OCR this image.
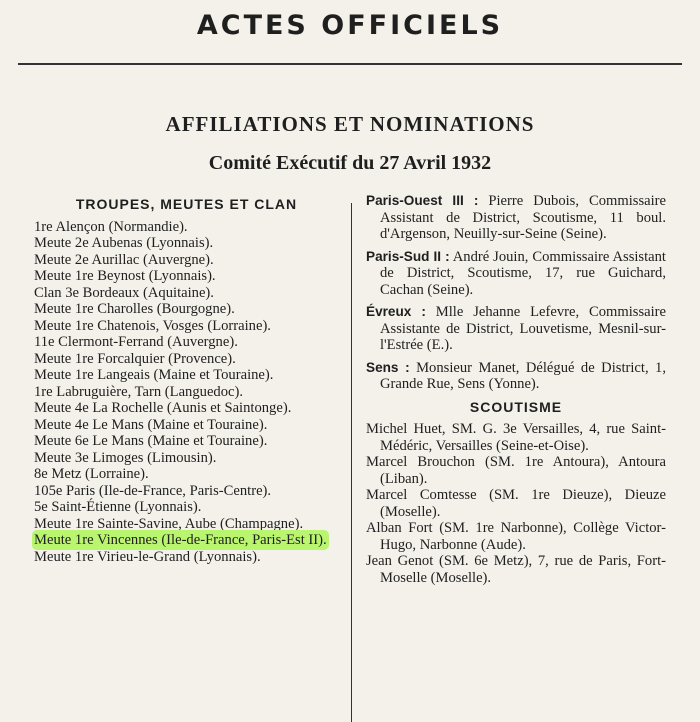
ACTES OFFICIELS
AFFILIATIONS ET NOMINATIONS
Comité Exécutif du 27 Avril 1932
TROUPES, MEUTES ET CLAN
1re Alençon (Normandie).
Meute 2e Aubenas (Lyonnais).
Meute 2e Aurillac (Auvergne).
Meute 1re Beynost (Lyonnais).
Clan 3e Bordeaux (Aquitaine).
Meute 1re Charolles (Bourgogne).
Meute 1re Chatenois, Vosges (Lorraine).
11e Clermont-Ferrand (Auvergne).
Meute 1re Forcalquier (Provence).
Meute 1re Langeais (Maine et Touraine).
1re Labruguière, Tarn (Languedoc).
Meute 4e La Rochelle (Aunis et Saintonge).
Meute 4e Le Mans (Maine et Touraine).
Meute 6e Le Mans (Maine et Touraine).
Meute 3e Limoges (Limousin).
8e Metz (Lorraine).
105e Paris (Ile-de-France, Paris-Centre).
5e Saint-Étienne (Lyonnais).
Meute 1re Sainte-Savine, Aube (Champagne).
Meute 1re Vincennes (Ile-de-France, Paris-Est II).
Meute 1re Virieu-le-Grand (Lyonnais).
Paris-Ouest III : Pierre Dubois, Commissaire Assistant de District, Scoutisme, 11 boul. d'Argenson, Neuilly-sur-Seine (Seine).
Paris-Sud II : André Jouin, Commissaire Assistant de District, Scoutisme, 17, rue Guichard, Cachan (Seine).
Évreux : Mlle Jehanne Lefevre, Commissaire Assistante de District, Louvetisme, Mesnil-sur-l'Estrée (E.).
Sens : Monsieur Manet, Délégué de District, 1, Grande Rue, Sens (Yonne).
SCOUTISME
Michel Huet, SM. G. 3e Versailles, 4, rue Saint-Médéric, Versailles (Seine-et-Oise).
Marcel Brouchon (SM. 1re Antoura), Antoura (Liban).
Marcel Comtesse (SM. 1re Dieuze), Dieuze (Moselle).
Alban Fort (SM. 1re Narbonne), Collège Victor-Hugo, Narbonne (Aude).
Jean Genot (SM. 6e Metz), 7, rue de Paris, Fort-Moselle (Moselle).
